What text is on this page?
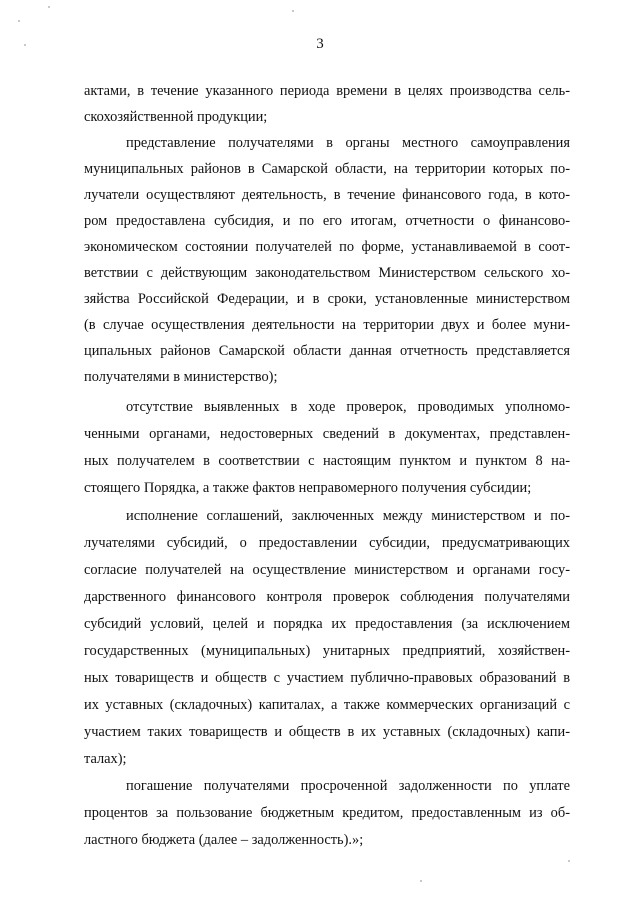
3
актами, в течение указанного периода времени в целях производства сель-
скохозяйственной продукции;
представление получателями в органы местного самоуправления
муниципальных районов в Самарской области, на территории которых по-
лучатели осуществляют деятельность, в течение финансового года, в кото-
ром предоставлена субсидия, и по его итогам, отчетности о финансово-
экономическом состоянии получателей по форме, устанавливаемой в соот-
ветствии с действующим законодательством Министерством сельского хо-
зяйства Российской Федерации, и в сроки, установленные министерством
(в случае осуществления деятельности на территории двух и более муни-
ципальных районов Самарской области данная отчетность представляется
получателями в министерство);
отсутствие выявленных в ходе проверок, проводимых уполномо-
ченными органами, недостоверных сведений в документах, представлен-
ных получателем в соответствии с настоящим пунктом и пунктом 8 на-
стоящего Порядка, а также фактов неправомерного получения субсидии;
исполнение соглашений, заключенных между министерством и по-
лучателями субсидий, о предоставлении субсидии, предусматривающих
согласие получателей на осуществление министерством и органами госу-
дарственного финансового контроля проверок соблюдения получателями
субсидий условий, целей и порядка их предоставления (за исключением
государственных (муниципальных) унитарных предприятий, хозяйствен-
ных товариществ и обществ с участием публично-правовых образований в
их уставных (складочных) капиталах, а также коммерческих организаций с
участием таких товариществ и обществ в их уставных (складочных) капи-
талах);
погашение получателями просроченной задолженности по уплате
процентов за пользование бюджетным кредитом, предоставленным из об-
ластного бюджета (далее – задолженность).»;
